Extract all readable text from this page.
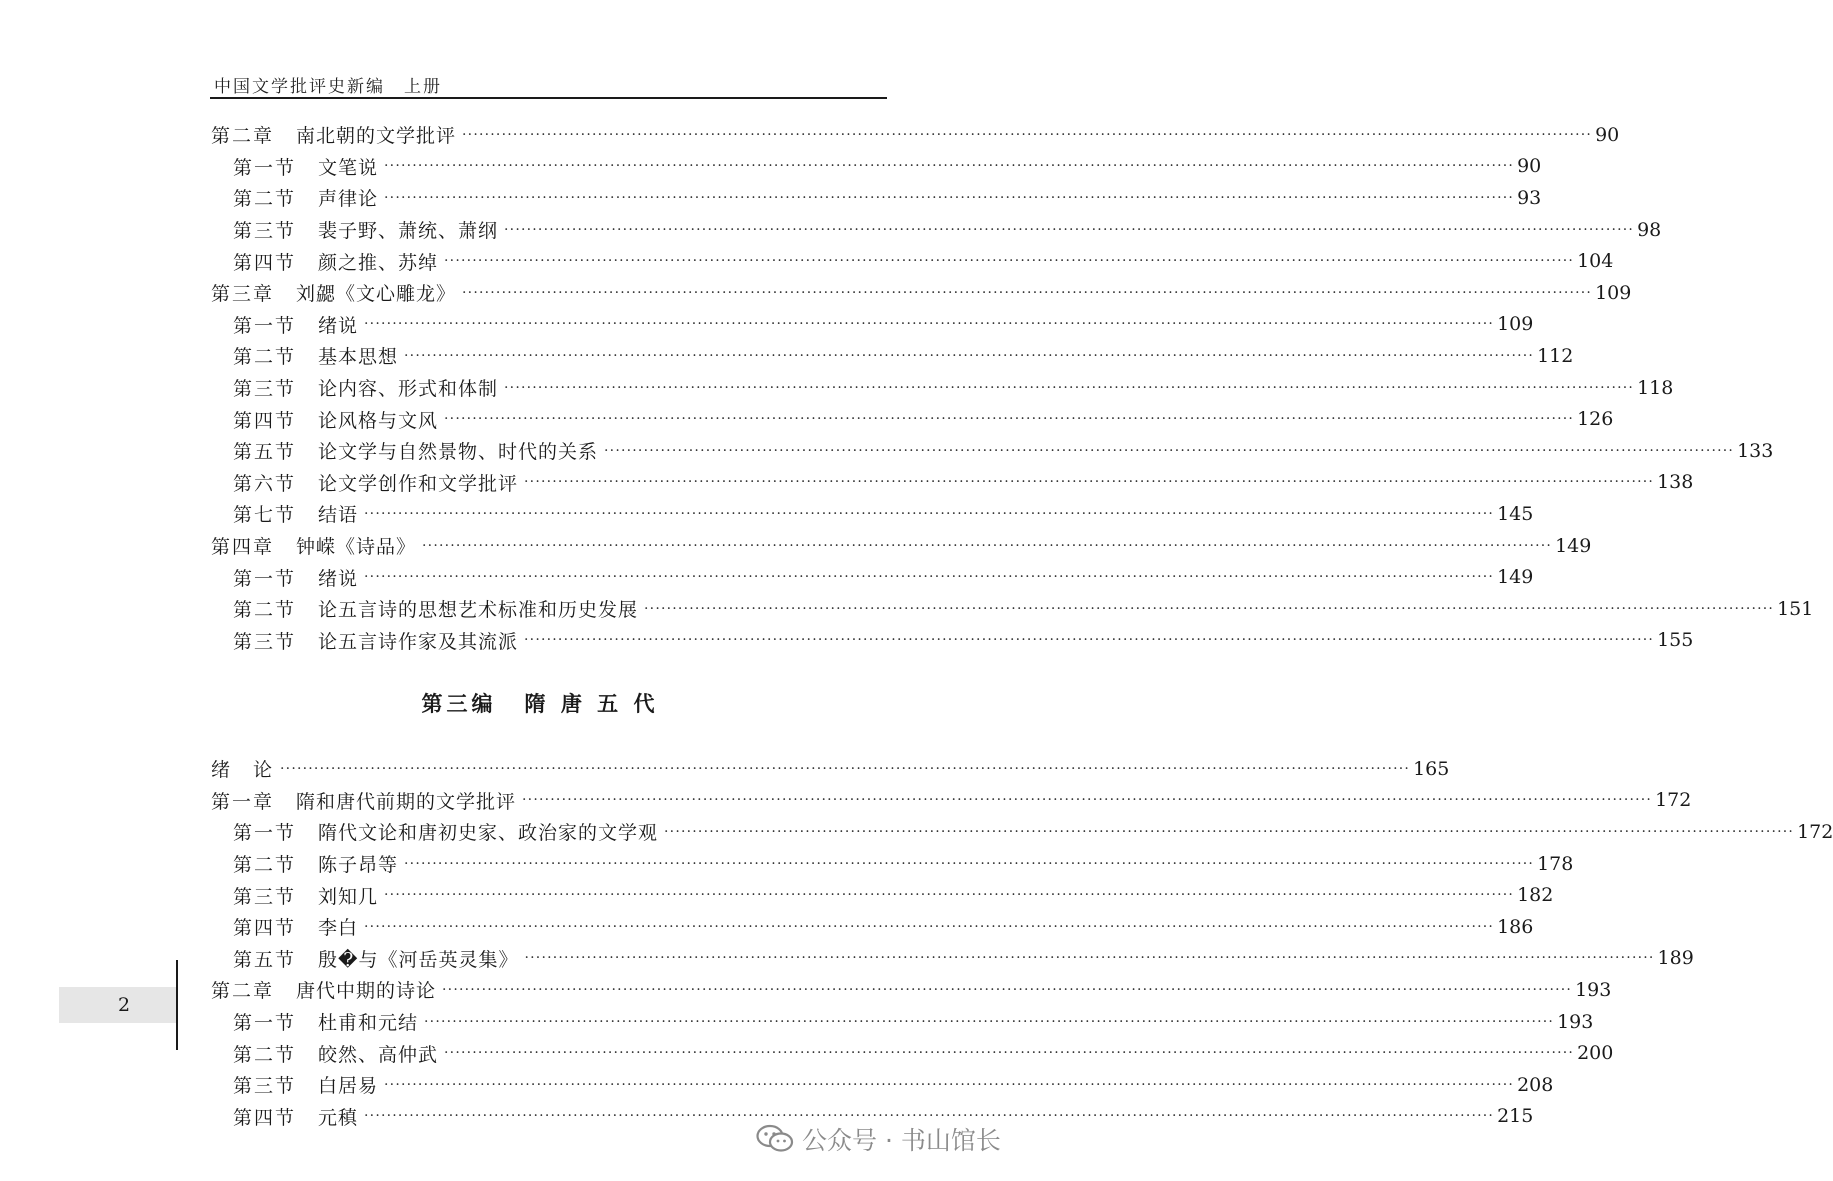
中国文学批评史新编　上册
第二章 南北朝的文学批评 ········································································································································································································ 90
第一节 文笔说 ········································································································································································································ 90
第二节 声律论 ········································································································································································································ 93
第三节 裴子野、萧统、萧纲 ········································································································································································································ 98
第四节 颜之推、苏绰 ········································································································································································································ 104
第三章 刘勰《文心雕龙》 ········································································································································································································ 109
第一节 绪说 ········································································································································································································ 109
第二节 基本思想 ········································································································································································································ 112
第三节 论内容、形式和体制 ········································································································································································································ 118
第四节 论风格与文风 ········································································································································································································ 126
第五节 论文学与自然景物、时代的关系 ········································································································································································································ 133
第六节 论文学创作和文学批评 ········································································································································································································ 138
第七节 结语 ········································································································································································································ 145
第四章 钟嵘《诗品》 ········································································································································································································ 149
第一节 绪说 ········································································································································································································ 149
第二节 论五言诗的思想艺术标准和历史发展 ········································································································································································································ 151
第三节 论五言诗作家及其流派 ········································································································································································································ 155
第三编 隋 唐 五 代
绪　论 ········································································································································································································ 165
第一章 隋和唐代前期的文学批评 ········································································································································································································ 172
第一节 隋代文论和唐初史家、政治家的文学观 ········································································································································································································ 172
第二节 陈子昂等 ········································································································································································································ 178
第三节 刘知几 ········································································································································································································ 182
第四节 李白 ········································································································································································································ 186
第五节 殷�与《河岳英灵集》 ········································································································································································································ 189
第二章 唐代中期的诗论 ········································································································································································································ 193
第一节 杜甫和元结 ········································································································································································································ 193
第二节 皎然、高仲武 ········································································································································································································ 200
第三节 白居易 ········································································································································································································ 208
第四节 元稹 ········································································································································································································ 215
2
公众号 · 书山馆长
